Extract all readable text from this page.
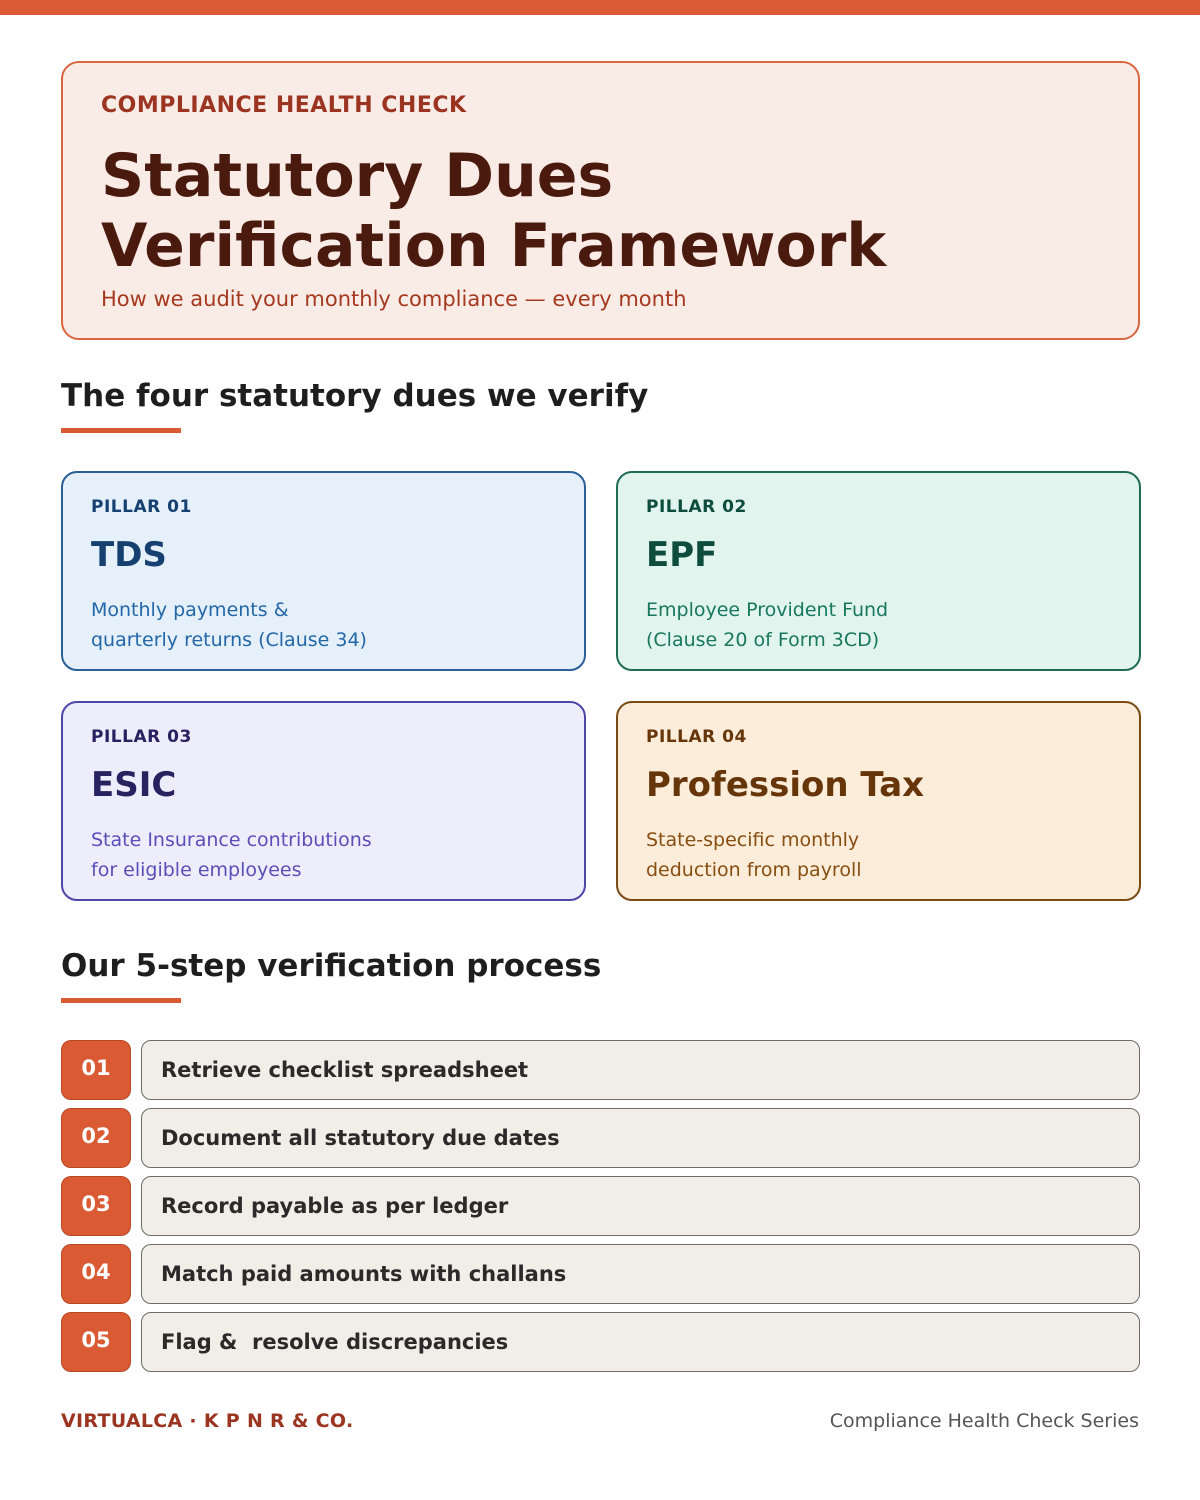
COMPLIANCE HEALTH CHECK
Statutory Dues
Verification Framework
How we audit your monthly compliance — every month
The four statutory dues we verify
PILLAR 01
TDS
Monthly payments &
quarterly returns (Clause 34)
PILLAR 02
EPF
Employee Provident Fund
(Clause 20 of Form 3CD)
PILLAR 03
ESIC
State Insurance contributions
for eligible employees
PILLAR 04
Profession Tax
State-specific monthly
deduction from payroll
Our 5-step verification process
01	Retrieve checklist spreadsheet
02	Document all statutory due dates
03	Record payable as per ledger
04	Match paid amounts with challans
05	Flag &  resolve discrepancies
VIRTUALCA · K P N R & CO.	Compliance Health Check Series
